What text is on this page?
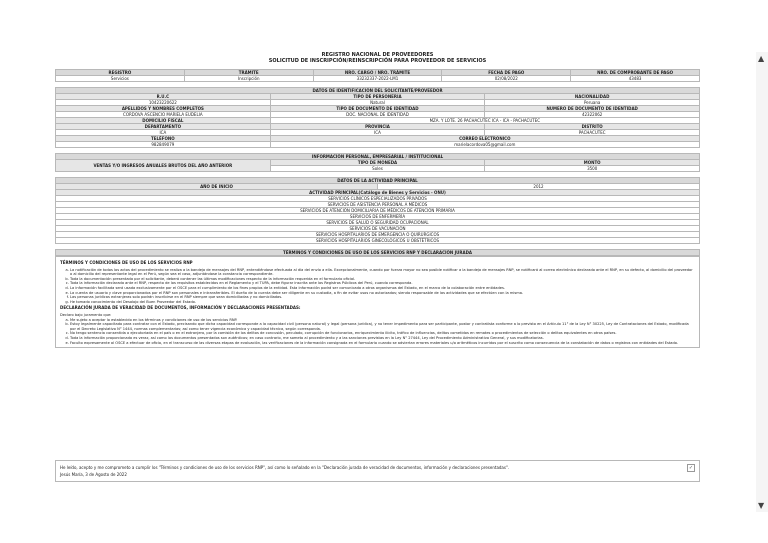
REGISTRO NACIONAL DE PROVEEDORES
SOLICITUD DE INSCRIPCIÓN/REINSCRIPCIÓN PARA PROVEEDOR DE SERVICIOS
REGISTRO	TRÁMITE	NRO. CARGO / NRO. TRÁMITE	FECHA DE PAGO	NRO. DE COMPROBANTE DE PAGO
Servicios	Inscripción	33232337-2022-LM1	02/08/2022	43483
DATOS DE IDENTIFICACIÓN DEL SOLICITANTE/PROVEEDOR		
R.U.C	TIPO DE PERSONERIA	NACIONALIDAD
10423220622	Natural	Peruana
APELLIDOS Y NOMBRES COMPLETOS	TIPO DE DOCUMENTO DE IDENTIDAD	NUMERO DE DOCUMENTO DE IDENTIDAD
CORDOVA ASCENCIO MARIELA EUDELIA	DOC. NACIONAL DE IDENTIDAD	42322062
DOMICILIO FISCAL	MZA. Y LOTE. 26 PACHACUTEC ICA - ICA - PACHACUTEC	
DEPARTAMENTO	PROVINCIA	DISTRITO
ICA	ICA	PACHACUTEC
TELÉFONO	CORREO ELECTRÓNICO	
982849079	marielacordova05@gmail.com	
INFORMACIÓN PERSONAL, EMPRESARIAL / INSTITUCIONAL		
VENTAS Y/O INGRESOS ANUALES BRUTOS DEL AÑO ANTERIOR	TIPO DE MONEDA	MONTO
	Soles	3500
DATOS DE LA ACTIVIDAD PRINCIPAL
AÑO DE INICIO	2012
ACTIVIDAD PRINCIPAL(Catálogo de Bienes y Servicios - ONU)
SERVICIOS CLÍNICOS ESPECIALIZADOS PRIVADOS
SERVICIOS DE ASISTENCIA PERSONAL A MÉDICOS
SERVICIOS DE ATENCIÓN DOMICILIARIA DE MÉDICOS DE ATENCIÓN PRIMARIA
SERVICIOS DE ENFERMERÍA
SERVICIOS DE SALUD O SEGURIDAD OCUPACIONAL
SERVICIOS DE VACUNACIÓN
SERVICIOS HOSPITALARIOS DE EMERGENCIA O QUIRÚRGICOS
SERVICIOS HOSPITALARIOS GINECOLÓGICOS U OBSTÉTRICOS
TÉRMINOS Y CONDICIONES DE USO DE LOS SERVICIOS RNP Y DECLARACIÓN JURADA
TÉRMINOS Y CONDICIONES DE USO DE LOS SERVICIOS RNP
a. La notificación de todos los actos del procedimiento se realiza a la bandeja de mensajes del RNP, entendiéndose efectuada al día del envío a ella. Excepcionalmente, cuando por fuerza mayor no sea posible notificar a la bandeja de mensajes RNP, se notificará al correo electrónico declarado ante el RNP, en su defecto, al domicilio del proveedor o al domicilio del representante legal en el Perú, según sea el caso, adjuntándose la constancia correspondiente.
b. Toda la documentación presentada por el solicitante, deberá contener las últimas modificaciones respecto de la información requerida en el formulario oficial.
c. Toda la información declarada ante el RNP, respecto de los requisitos establecidos en el Reglamento y el TUPA, debe figurar inscrita ante los Registros Públicos del Perú, cuando corresponda.
d. La información facilitada será usada exclusivamente por el OSCE para el cumplimiento de los fines propios de la entidad. Esta información podrá ser comunicada a otros organismos del Estado, en el marco de la colaboración entre entidades.
e. La cuenta de usuario y clave proporcionados por el RNP son personales e intransferibles. El dueño de la cuenta debe ser diligente en su custodia, a fin de evitar usos no autorizados; siendo responsable de las actividades que se efectúen con la misma.
f. Las personas jurídicas extranjeras solo podrán inscribirse en el RNP siempre que sean domiciliadas y no domiciliadas.
g. He tomado conocimiento del Desalojo del Buen Proveedor del Estado.
DECLARACIÓN JURADA DE VERACIDAD DE DOCUMENTOS, INFORMACIÓN Y DECLARACIONES PRESENTADAS:
Declaro bajo juramento que:
a. Me sujeto a aceptar lo establecido en los términos y condiciones de uso de los servicios RNP.
b. Estoy legalmente capacitado para contratar con el Estado, precisando que dicha capacidad corresponde a la capacidad civil (persona natural) y legal (persona jurídica), y no tener impedimento para ser participante, postor y contratista conforme a lo previsto en el Artículo 11° de la Ley N° 30225, Ley de Contrataciones del Estado, modificada por el Decreto Legislativo N° 1444, normas complementarias; así como tener vigencia económica y capacidad técnica, según corresponda.
c. No tengo sentencia consentida o ejecutoriada en el país o en el extranjero, por la comisión de los delitos de concusión, peculado, corrupción de funcionarios, enriquecimiento ilícito, tráfico de influencias, delitos cometidos en remates o procedimientos de selección o delitos equivalentes en otros países.
d. Toda la información proporcionada es veraz, así como los documentos presentados son auténticos; en caso contrario, me someto al procedimiento y a las sanciones previstas en la Ley N° 27444, Ley del Procedimiento Administrativo General, y sus modificatorias.
e. Faculto expresamente al OSCE a efectuar de oficio, en el transcurso de las diversas etapas de evaluación, las verificaciones de la información consignada en el formulario cuando se adviertan errores materiales u/o aritméticos incurridos por el suscrito como consecuencia de la constatación de datos o registros con entidades del Estado.
He leído, acepto y me comprometo a cumplir los "Términos y condiciones de uso de los servicios RNP", así como lo señalado en la "Declaración jurada de veracidad de documentos, información y declaraciones presentadas".
Jesús María, 3 de Agosto de 2022
✓
▲
▼
